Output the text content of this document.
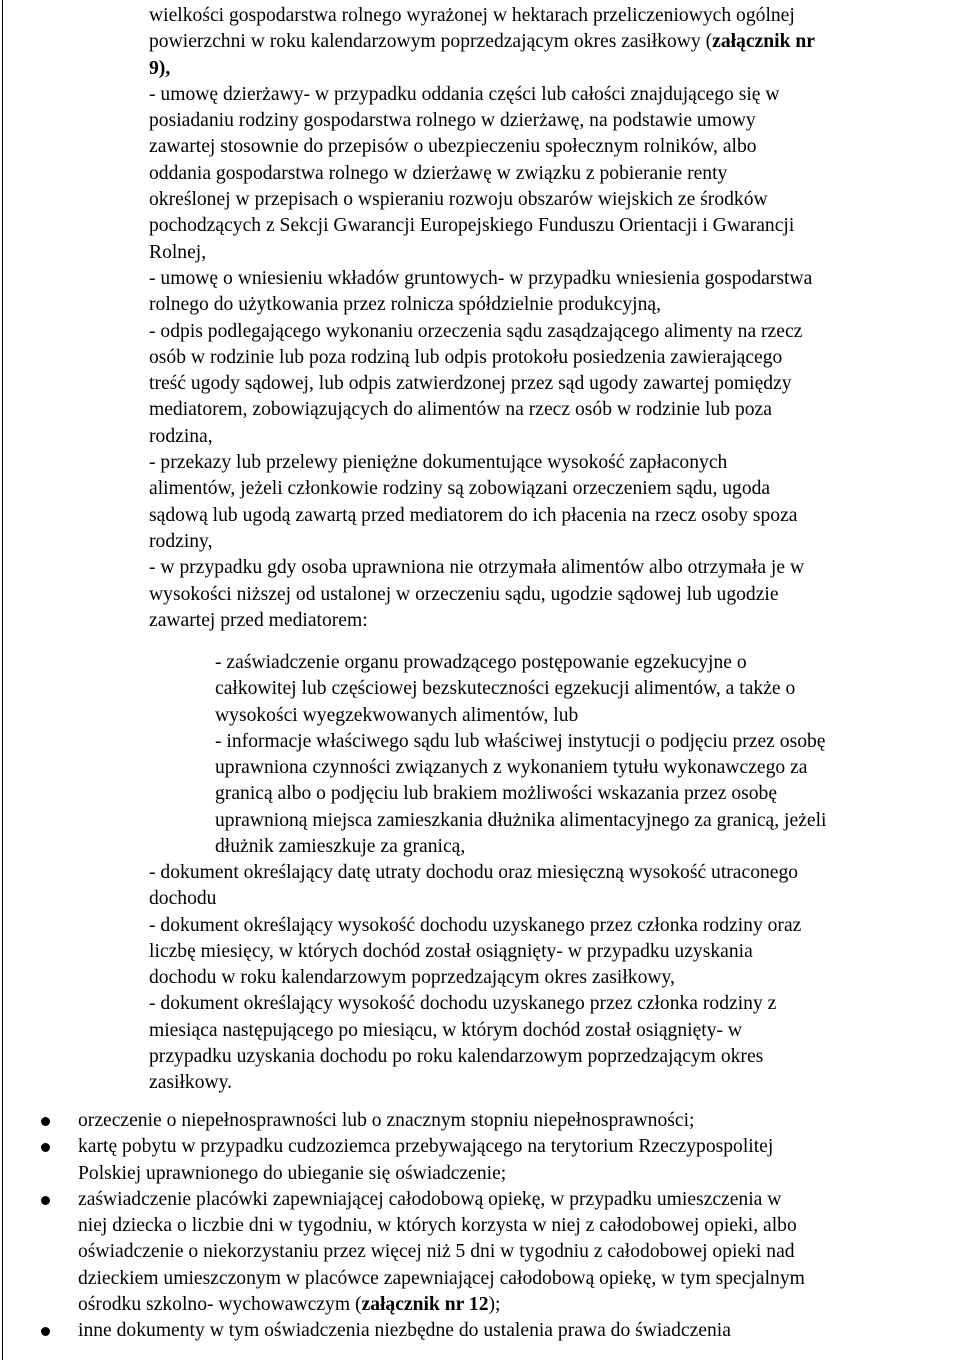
wielkości gospodarstwa rolnego wyrażonej w hektarach przeliczeniowych ogólnej
powierzchni w roku kalendarzowym poprzedzającym okres zasiłkowy (załącznik nr
9),
- umowę dzierżawy- w przypadku oddania części lub całości znajdującego się w
posiadaniu rodziny gospodarstwa rolnego w dzierżawę, na podstawie umowy
zawartej stosownie do przepisów o ubezpieczeniu społecznym rolników, albo
oddania gospodarstwa rolnego w dzierżawę w związku z pobieranie renty
określonej w przepisach o wspieraniu rozwoju obszarów wiejskich ze środków
pochodzących z Sekcji Gwarancji Europejskiego Funduszu Orientacji i Gwarancji
Rolnej,
- umowę o wniesieniu wkładów gruntowych- w przypadku wniesienia gospodarstwa
rolnego do użytkowania przez rolnicza spółdzielnie produkcyjną,
- odpis podlegającego wykonaniu orzeczenia sądu zasądzającego alimenty na rzecz
osób w rodzinie lub poza rodziną lub odpis protokołu posiedzenia zawierającego
treść ugody sądowej, lub odpis zatwierdzonej przez sąd ugody zawartej pomiędzy
mediatorem, zobowiązujących do alimentów na rzecz osób w rodzinie lub poza
rodzina,
- przekazy lub przelewy pieniężne dokumentujące wysokość zapłaconych
alimentów, jeżeli członkowie rodziny są zobowiązani orzeczeniem sądu, ugoda
sądową lub ugodą zawartą przed mediatorem do ich płacenia na rzecz osoby spoza
rodziny,
- w przypadku gdy osoba uprawniona nie otrzymała alimentów albo otrzymała je w
wysokości niższej od ustalonej w orzeczeniu sądu, ugodzie sądowej lub ugodzie
zawartej przed mediatorem:
- zaświadczenie organu prowadzącego postępowanie egzekucyjne o
całkowitej lub częściowej bezskuteczności egzekucji alimentów, a także o
wysokości wyegzekwowanych alimentów, lub
- informacje właściwego sądu lub właściwej instytucji o podjęciu przez osobę
uprawniona czynności związanych z wykonaniem tytułu wykonawczego za
granicą albo o podjęciu lub brakiem możliwości wskazania przez osobę
uprawnioną miejsca zamieszkania dłużnika alimentacyjnego za granicą, jeżeli
dłużnik zamieszkuje za granicą,
- dokument określający datę utraty dochodu oraz miesięczną wysokość utraconego
dochodu
- dokument określający wysokość dochodu uzyskanego przez członka rodziny oraz
liczbę miesięcy, w których dochód został osiągnięty- w przypadku uzyskania
dochodu w roku kalendarzowym poprzedzającym okres zasiłkowy,
- dokument określający wysokość dochodu uzyskanego przez członka rodziny z
miesiąca następującego po miesiącu, w którym dochód został osiągnięty- w
przypadku uzyskania dochodu po roku kalendarzowym poprzedzającym okres
zasiłkowy.
orzeczenie o niepełnosprawności lub o znacznym stopniu niepełnosprawności;
kartę pobytu w przypadku cudzoziemca przebywającego na terytorium Rzeczypospolitej
Polskiej uprawnionego do ubieganie się oświadczenie;
zaświadczenie placówki zapewniającej całodobową opiekę, w przypadku umieszczenia w
niej dziecka o liczbie dni w tygodniu, w których korzysta w niej z całodobowej opieki, albo
oświadczenie o niekorzystaniu przez więcej niż 5 dni w tygodniu z całodobowej opieki nad
dzieckiem umieszczonym w placówce zapewniającej całodobową opiekę, w tym specjalnym
ośrodku szkolno- wychowawczym (załącznik nr 12);
inne dokumenty w tym oświadczenia niezbędne do ustalenia prawa do świadczenia
